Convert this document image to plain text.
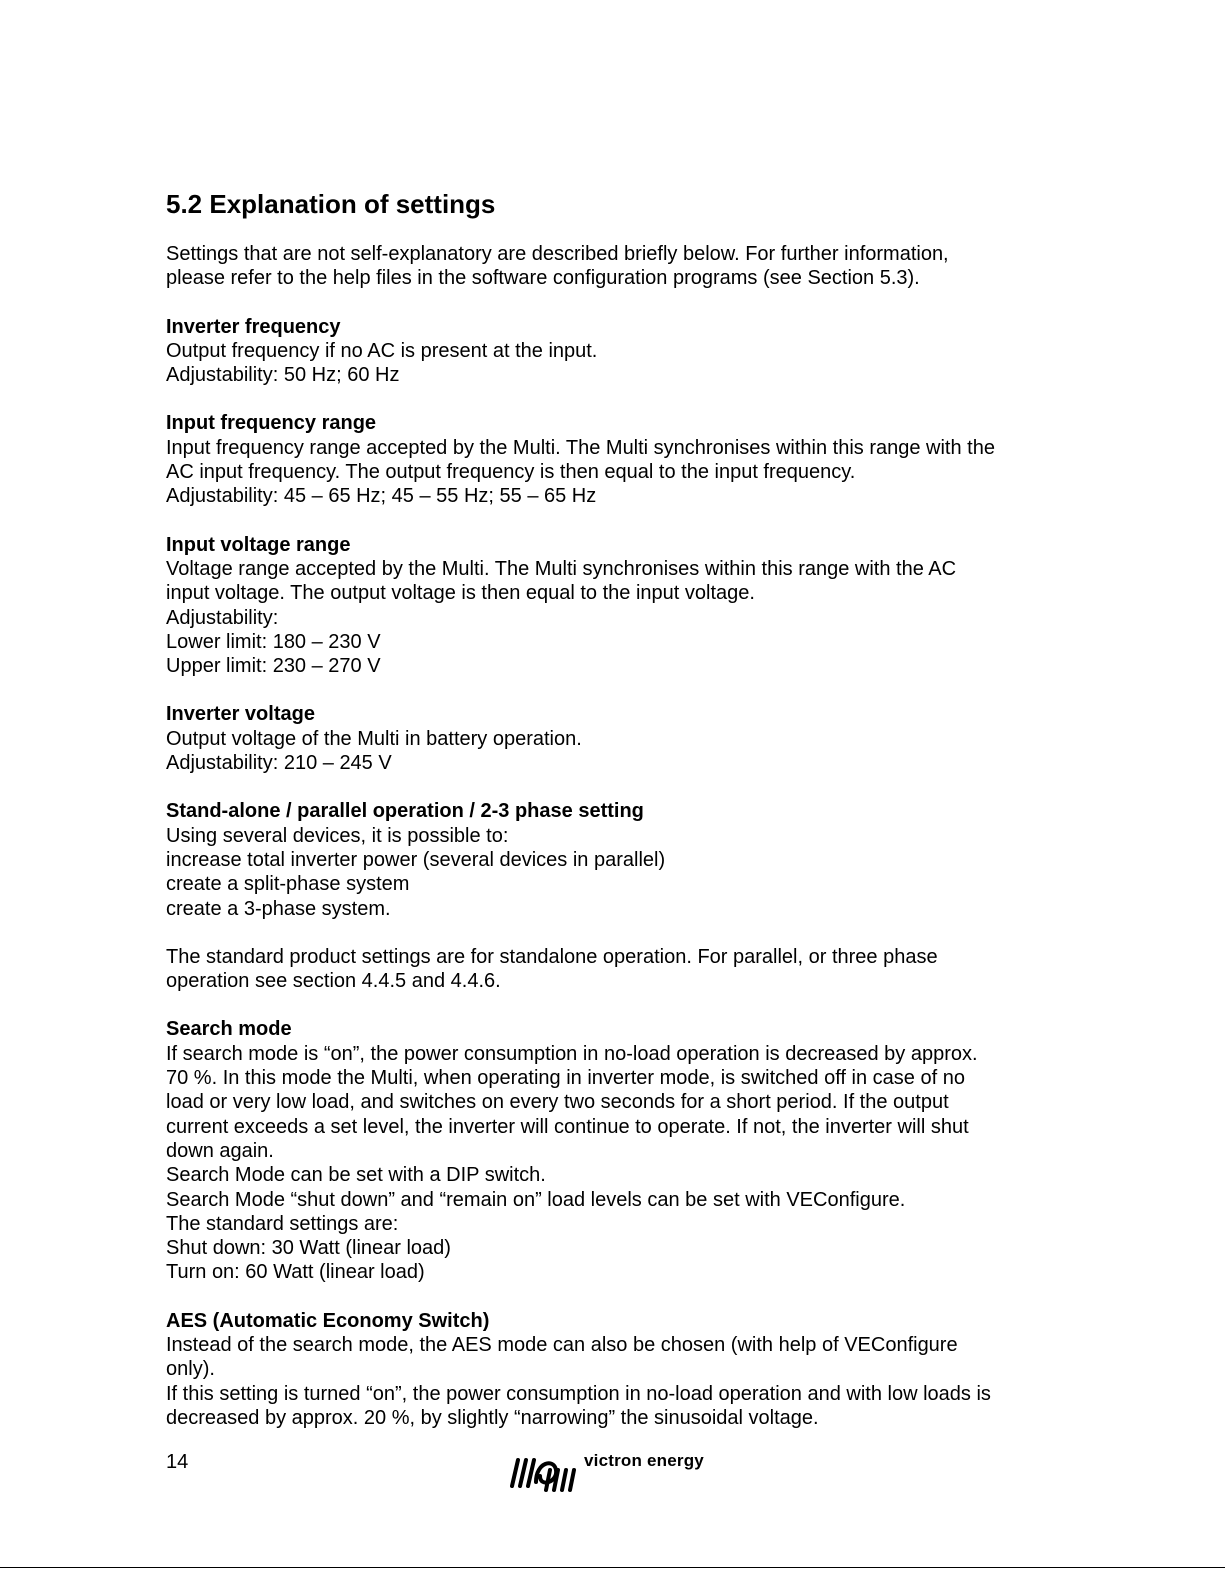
5.2 Explanation of settings
Settings that are not self-explanatory are described briefly below. For further information,
please refer to the help files in the software configuration programs (see Section 5.3).
Inverter frequency
Output frequency if no AC is present at the input.
Adjustability: 50 Hz; 60 Hz
Input frequency range
Input frequency range accepted by the Multi. The Multi synchronises within this range with the
AC input frequency. The output frequency is then equal to the input frequency.
Adjustability: 45 – 65 Hz; 45 – 55 Hz; 55 – 65 Hz
Input voltage range
Voltage range accepted by the Multi. The Multi synchronises within this range with the AC
input voltage. The output voltage is then equal to the input voltage.
Adjustability:
Lower limit: 180 – 230 V
Upper limit: 230 – 270 V
Inverter voltage
Output voltage of the Multi in battery operation.
Adjustability: 210 – 245 V
Stand-alone / parallel operation / 2-3 phase setting
Using several devices, it is possible to:
increase total inverter power (several devices in parallel)
create a split-phase system
create a 3-phase system.
The standard product settings are for standalone operation. For parallel, or three phase
operation see section 4.4.5 and 4.4.6.
Search mode
If search mode is “on”, the power consumption in no-load operation is decreased by approx.
70 %. In this mode the Multi, when operating in inverter mode, is switched off in case of no
load or very low load, and switches on every two seconds for a short period. If the output
current exceeds a set level, the inverter will continue to operate. If not, the inverter will shut
down again.
Search Mode can be set with a DIP switch.
Search Mode “shut down” and “remain on” load levels can be set with VEConfigure.
The standard settings are:
Shut down: 30 Watt (linear load)
Turn on: 60 Watt (linear load)
AES (Automatic Economy Switch)
Instead of the search mode, the AES mode can also be chosen (with help of VEConfigure
only).
If this setting is turned “on”, the power consumption in no-load operation and with low loads is
decreased by approx. 20 %, by slightly “narrowing” the sinusoidal voltage.
14	victron energy
